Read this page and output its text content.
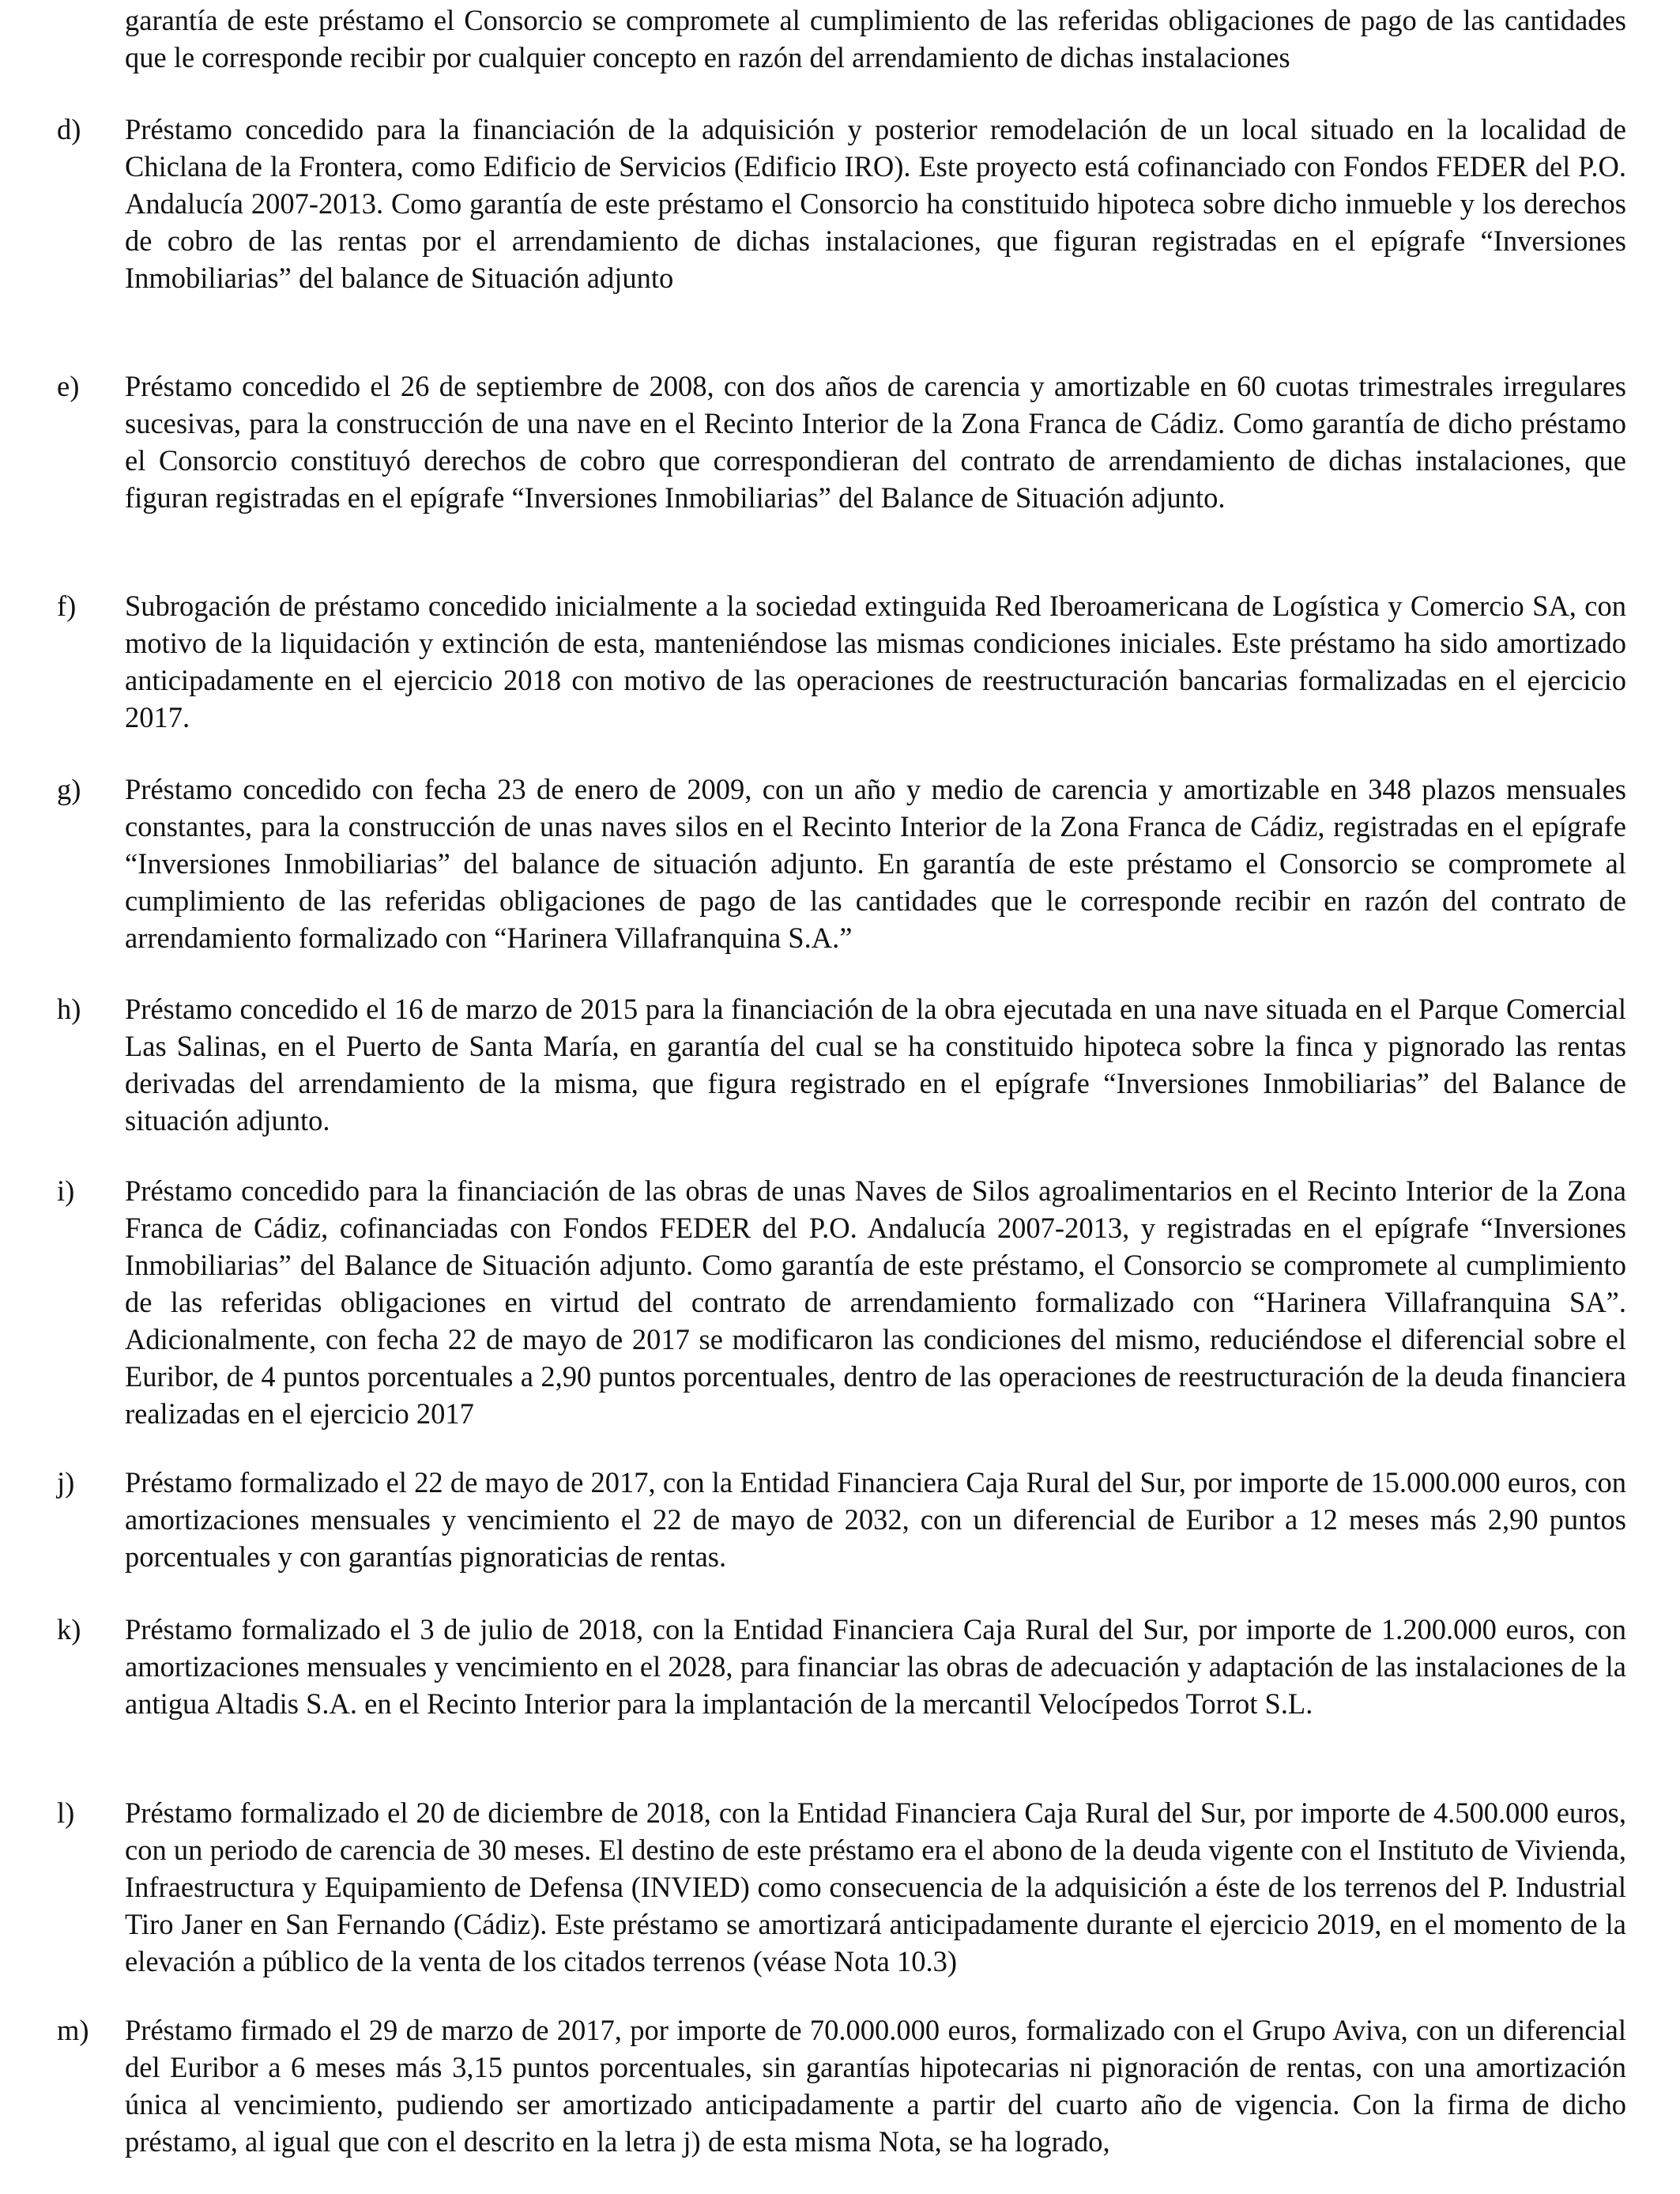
garantía de este préstamo el Consorcio se compromete al cumplimiento de las referidas obligaciones de pago de las cantidades que le corresponde recibir por cualquier concepto en razón del arrendamiento de dichas instalaciones
d) Préstamo concedido para la financiación de la adquisición y posterior remodelación de un local situado en la localidad de Chiclana de la Frontera, como Edificio de Servicios (Edificio IRO). Este proyecto está cofinanciado con Fondos FEDER del P.O. Andalucía 2007-2013. Como garantía de este préstamo el Consorcio ha constituido hipoteca sobre dicho inmueble y los derechos de cobro de las rentas por el arrendamiento de dichas instalaciones, que figuran registradas en el epígrafe “Inversiones Inmobiliarias” del balance de Situación adjunto
e) Préstamo concedido el 26 de septiembre de 2008, con dos años de carencia y amortizable en 60 cuotas trimestrales irregulares sucesivas, para la construcción de una nave en el Recinto Interior de la Zona Franca de Cádiz. Como garantía de dicho préstamo el Consorcio constituyó derechos de cobro que correspondieran del contrato de arrendamiento de dichas instalaciones, que figuran registradas en el epígrafe “Inversiones Inmobiliarias” del Balance de Situación adjunto.
f) Subrogación de préstamo concedido inicialmente a la sociedad extinguida Red Iberoamericana de Logística y Comercio SA, con motivo de la liquidación y extinción de esta, manteniéndose las mismas condiciones iniciales. Este préstamo ha sido amortizado anticipadamente en el ejercicio 2018 con motivo de las operaciones de reestructuración bancarias formalizadas en el ejercicio 2017.
g) Préstamo concedido con fecha 23 de enero de 2009, con un año y medio de carencia y amortizable en 348 plazos mensuales constantes, para la construcción de unas naves silos en el Recinto Interior de la Zona Franca de Cádiz, registradas en el epígrafe “Inversiones Inmobiliarias” del balance de situación adjunto. En garantía de este préstamo el Consorcio se compromete al cumplimiento de las referidas obligaciones de pago de las cantidades que le corresponde recibir en razón del contrato de arrendamiento formalizado con “Harinera Villafranquina S.A.”
h) Préstamo concedido el 16 de marzo de 2015 para la financiación de la obra ejecutada en una nave situada en el Parque Comercial Las Salinas, en el Puerto de Santa María, en garantía del cual se ha constituido hipoteca sobre la finca y pignorado las rentas derivadas del arrendamiento de la misma, que figura registrado en el epígrafe “Inversiones Inmobiliarias” del Balance de situación adjunto.
i) Préstamo concedido para la financiación de las obras de unas Naves de Silos agroalimentarios en el Recinto Interior de la Zona Franca de Cádiz, cofinanciadas con Fondos FEDER del P.O. Andalucía 2007-2013, y registradas en el epígrafe “Inversiones Inmobiliarias” del Balance de Situación adjunto. Como garantía de este préstamo, el Consorcio se compromete al cumplimiento de las referidas obligaciones en virtud del contrato de arrendamiento formalizado con “Harinera Villafranquina SA”. Adicionalmente, con fecha 22 de mayo de 2017 se modificaron las condiciones del mismo, reduciéndose el diferencial sobre el Euribor, de 4 puntos porcentuales a 2,90 puntos porcentuales, dentro de las operaciones de reestructuración de la deuda financiera realizadas en el ejercicio 2017
j) Préstamo formalizado el 22 de mayo de 2017, con la Entidad Financiera Caja Rural del Sur, por importe de 15.000.000 euros, con amortizaciones mensuales y vencimiento el 22 de mayo de 2032, con un diferencial de Euribor a 12 meses más 2,90 puntos porcentuales y con garantías pignoraticias de rentas.
k) Préstamo formalizado el 3 de julio de 2018, con la Entidad Financiera Caja Rural del Sur, por importe de 1.200.000 euros, con amortizaciones mensuales y vencimiento en el 2028, para financiar las obras de adecuación y adaptación de las instalaciones de la antigua Altadis S.A. en el Recinto Interior para la implantación de la mercantil Velocípedos Torrot S.L.
l) Préstamo formalizado el 20 de diciembre de 2018, con la Entidad Financiera Caja Rural del Sur, por importe de 4.500.000 euros, con un periodo de carencia de 30 meses. El destino de este préstamo era el abono de la deuda vigente con el Instituto de Vivienda, Infraestructura y Equipamiento de Defensa (INVIED) como consecuencia de la adquisición a éste de los terrenos del P. Industrial Tiro Janer en San Fernando (Cádiz). Este préstamo se amortizará anticipadamente durante el ejercicio 2019, en el momento de la elevación a público de la venta de los citados terrenos (véase Nota 10.3)
m) Préstamo firmado el 29 de marzo de 2017, por importe de 70.000.000 euros, formalizado con el Grupo Aviva, con un diferencial del Euribor a 6 meses más 3,15 puntos porcentuales, sin garantías hipotecarias ni pignoración de rentas, con una amortización única al vencimiento, pudiendo ser amortizado anticipadamente a partir del cuarto año de vigencia. Con la firma de dicho préstamo, al igual que con el descrito en la letra j) de esta misma Nota, se ha logrado,
